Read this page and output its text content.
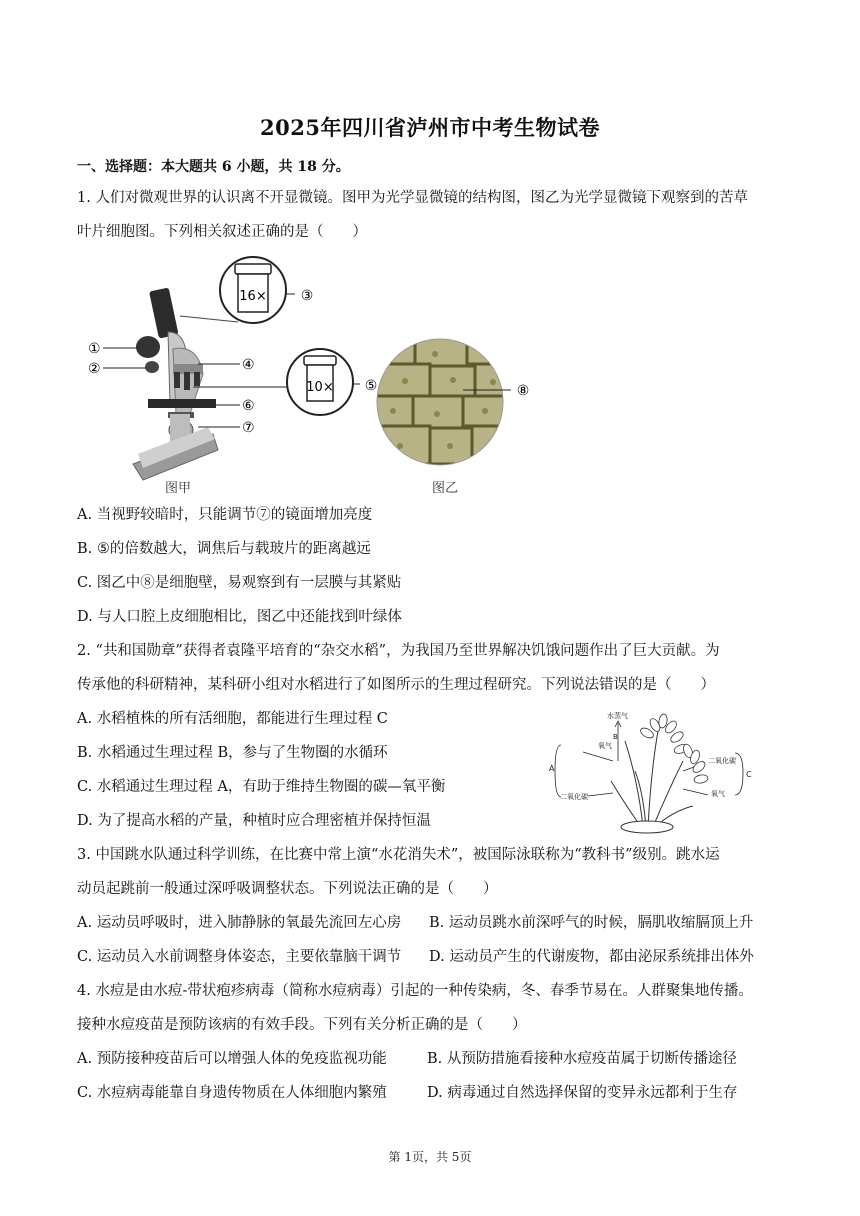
2025年四川省泸州市中考生物试卷
一、选择题：本大题共 6 小题，共 18 分。
1. 人们对微观世界的认识离不开显微镜。图甲为光学显微镜的结构图，图乙为光学显微镜下观察到的苦草
叶片细胞图。下列相关叙述正确的是（　　）
16× ③
①
②	④
⑥
⑦
图甲
10× ⑤	⑧
图乙
A. 当视野较暗时，只能调节⑦的镜面增加亮度
B. ⑤的倍数越大，调焦后与载玻片的距离越远
C. 图乙中⑧是细胞壁，易观察到有一层膜与其紧贴
D. 与人口腔上皮细胞相比，图乙中还能找到叶绿体
2. “共和国勋章”获得者袁隆平培育的“杂交水稻”，为我国乃至世界解决饥饿问题作出了巨大贡献。为
传承他的科研精神，某科研小组对水稻进行了如图所示的生理过程研究。下列说法错误的是（　　）
A. 水稻植株的所有活细胞，都能进行生理过程 C
B. 水稻通过生理过程 B，参与了生物圈的水循环
C. 水稻通过生理过程 A，有助于维持生物圈的碳—氧平衡
D. 为了提高水稻的产量，种植时应合理密植并保持恒温
水蒸气
B
氧气
A
二氧化碳
二氧化碳
C
氧气
3. 中国跳水队通过科学训练，在比赛中常上演“水花消失术”，被国际泳联称为“教科书”级别。跳水运
动员起跳前一般通过深呼吸调整状态。下列说法正确的是（　　）
A. 运动员呼吸时，进入肺静脉的氧最先流回左心房 B. 运动员跳水前深呼气的时候，膈肌收缩膈顶上升
C. 运动员入水前调整身体姿态，主要依靠脑干调节 D. 运动员产生的代谢废物，都由泌尿系统排出体外
4. 水痘是由水痘-带状疱疹病毒（简称水痘病毒）引起的一种传染病，冬、春季节易在。人群聚集地传播。
接种水痘疫苗是预防该病的有效手段。下列有关分析正确的是（　　）
A. 预防接种疫苗后可以增强人体的免疫监视功能	B. 从预防措施看接种水痘疫苗属于切断传播途径
C. 水痘病毒能靠自身遗传物质在人体细胞内繁殖	D. 病毒通过自然选择保留的变异永远都利于生存
第 1页，共 5页
